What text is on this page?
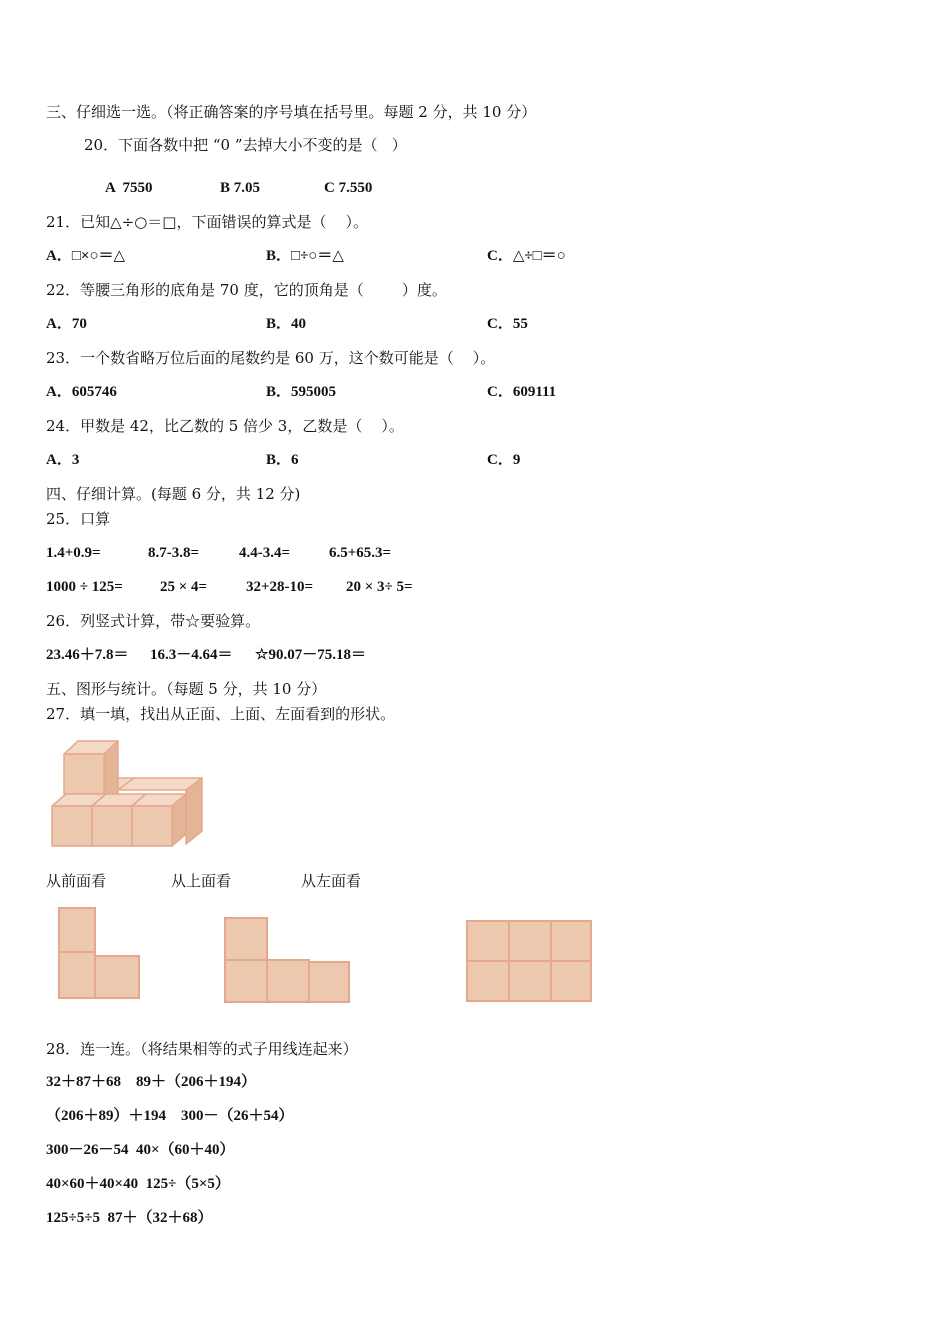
三、仔细选一选。（将正确答案的序号填在括号里。每题 2 分，共 10 分）
20．下面各数中把 “0 ”去掉大小不变的是（   ）
A  7550	B 7.05	C 7.550
21．已知△÷○＝□，下面错误的算式是（    ）。
A．□×○＝△	B．□÷○＝△	C．△÷□＝○
22．等腰三角形的底角是 70 度，它的顶角是（        ）度。
A．70	B．40	C．55
23．一个数省略万位后面的尾数约是 60 万，这个数可能是（    ）。
A．605746	B．595005	C．609111
24．甲数是 42，比乙数的 5 倍少 3，乙数是（    ）。
A．3	B．6	C．9
四、仔细计算。(每题 6 分，共 12 分)
25．口算
1.4+0.9=	8.7-3.8=	4.4-3.4=	6.5+65.3=
1000 ÷ 125= 25 × 4=	32+28-10= 20 × 3÷ 5=
26．列竖式计算，带☆要验算。
23.46＋7.8＝ 16.3－4.64＝ ☆90.07－75.18＝
五、图形与统计。（每题 5 分，共 10 分）
27．填一填，找出从正面、上面、左面看到的形状。
从前面看	从上面看	从左面看
28．连一连。（将结果相等的式子用线连起来）
32＋87＋68    89＋（206＋194）
（206＋89）＋194    300－（26＋54）
300－26－54  40×（60＋40）
40×60＋40×40  125÷（5×5）
125÷5÷5  87＋（32＋68）
